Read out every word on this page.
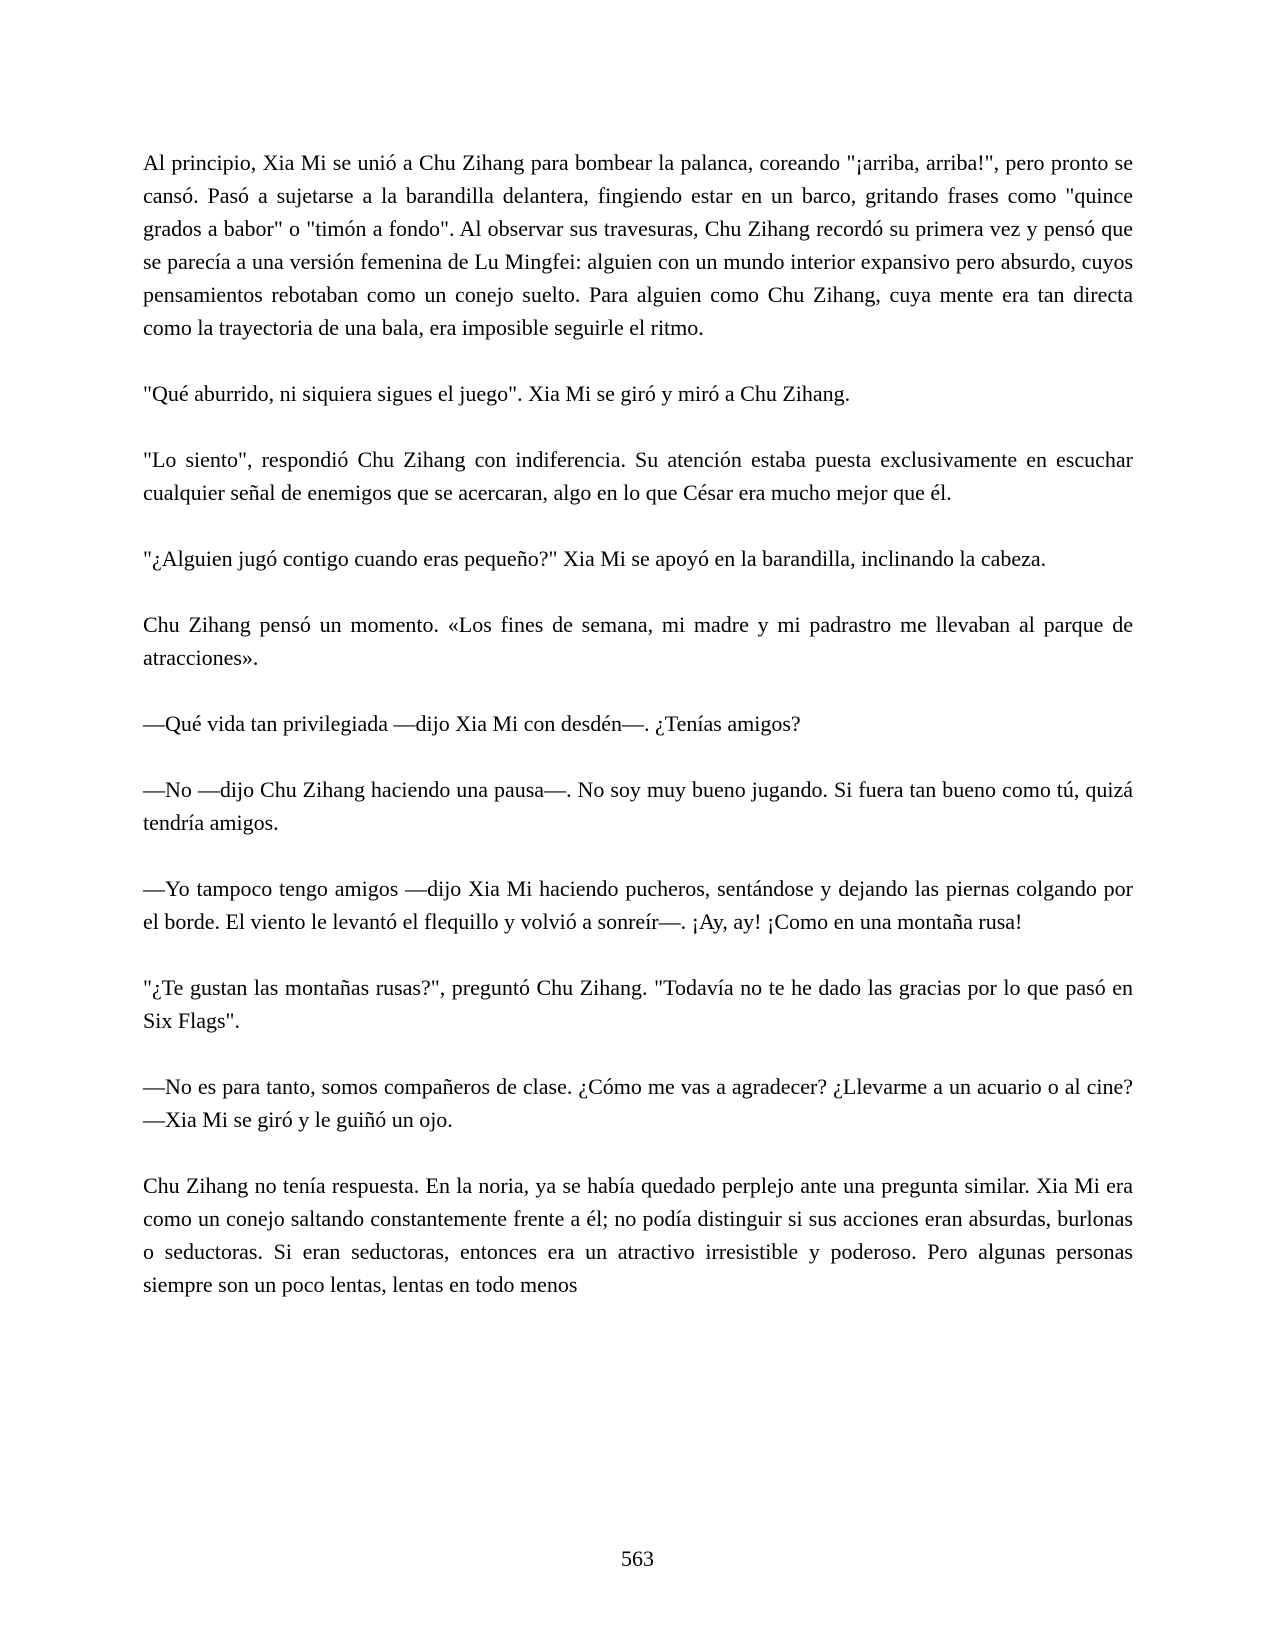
Al principio, Xia Mi se unió a Chu Zihang para bombear la palanca, coreando "¡arriba, arriba!", pero pronto se cansó. Pasó a sujetarse a la barandilla delantera, fingiendo estar en un barco, gritando frases como "quince grados a babor" o "timón a fondo". Al observar sus travesuras, Chu Zihang recordó su primera vez y pensó que se parecía a una versión femenina de Lu Mingfei: alguien con un mundo interior expansivo pero absurdo, cuyos pensamientos rebotaban como un conejo suelto. Para alguien como Chu Zihang, cuya mente era tan directa como la trayectoria de una bala, era imposible seguirle el ritmo.

"Qué aburrido, ni siquiera sigues el juego". Xia Mi se giró y miró a Chu Zihang.

"Lo siento", respondió Chu Zihang con indiferencia. Su atención estaba puesta exclusivamente en escuchar cualquier señal de enemigos que se acercaran, algo en lo que César era mucho mejor que él.

"¿Alguien jugó contigo cuando eras pequeño?" Xia Mi se apoyó en la barandilla, inclinando la cabeza.

Chu Zihang pensó un momento. «Los fines de semana, mi madre y mi padrastro me llevaban al parque de atracciones».

—Qué vida tan privilegiada —dijo Xia Mi con desdén—. ¿Tenías amigos?

—No —dijo Chu Zihang haciendo una pausa—. No soy muy bueno jugando. Si fuera tan bueno como tú, quizá tendría amigos.

—Yo tampoco tengo amigos —dijo Xia Mi haciendo pucheros, sentándose y dejando las piernas colgando por el borde. El viento le levantó el flequillo y volvió a sonreír—. ¡Ay, ay! ¡Como en una montaña rusa!

"¿Te gustan las montañas rusas?", preguntó Chu Zihang. "Todavía no te he dado las gracias por lo que pasó en Six Flags".

—No es para tanto, somos compañeros de clase. ¿Cómo me vas a agradecer? ¿Llevarme a un acuario o al cine? —Xia Mi se giró y le guiñó un ojo.

Chu Zihang no tenía respuesta. En la noria, ya se había quedado perplejo ante una pregunta similar. Xia Mi era como un conejo saltando constantemente frente a él; no podía distinguir si sus acciones eran absurdas, burlonas o seductoras. Si eran seductoras, entonces era un atractivo irresistible y poderoso. Pero algunas personas siempre son un poco lentas, lentas en todo menos

563
